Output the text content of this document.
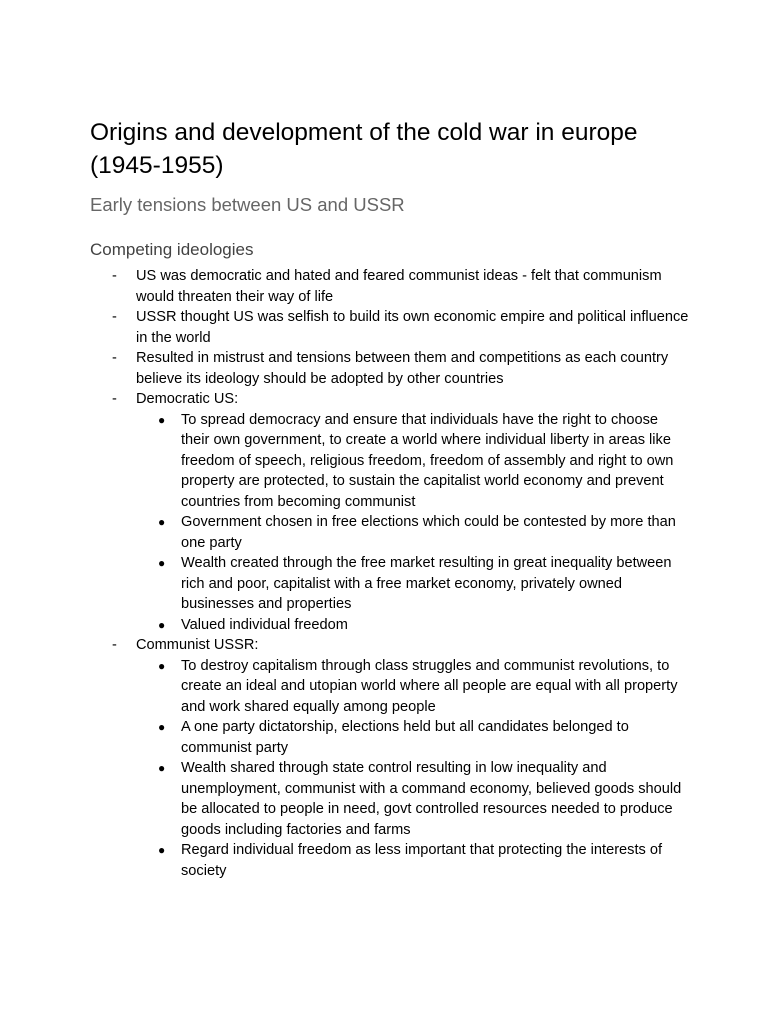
Origins and development of the cold war in europe (1945-1955)
Early tensions between US and USSR
Competing ideologies
- US was democratic and hated and feared communist ideas - felt that communism would threaten their way of life
- USSR thought US was selfish to build its own economic empire and political influence in the world
- Resulted in mistrust and tensions between them and competitions as each country believe its ideology should be adopted by other countries
- Democratic US:
● To spread democracy and ensure that individuals have the right to choose their own government, to create a world where individual liberty in areas like freedom of speech, religious freedom, freedom of assembly and right to own property are protected, to sustain the capitalist world economy and prevent countries from becoming communist
● Government chosen in free elections which could be contested by more than one party
● Wealth created through the free market resulting in great inequality between rich and poor, capitalist with a free market economy, privately owned businesses and properties
● Valued individual freedom
- Communist USSR:
● To destroy capitalism through class struggles and communist revolutions, to create an ideal and utopian world where all people are equal with all property and work shared equally among people
● A one party dictatorship, elections held but all candidates belonged to communist party
● Wealth shared through state control resulting in low inequality and unemployment, communist with a command economy, believed goods should be allocated to people in need, govt controlled resources needed to produce goods including factories and farms
● Regard individual freedom as less important that protecting the interests of society
